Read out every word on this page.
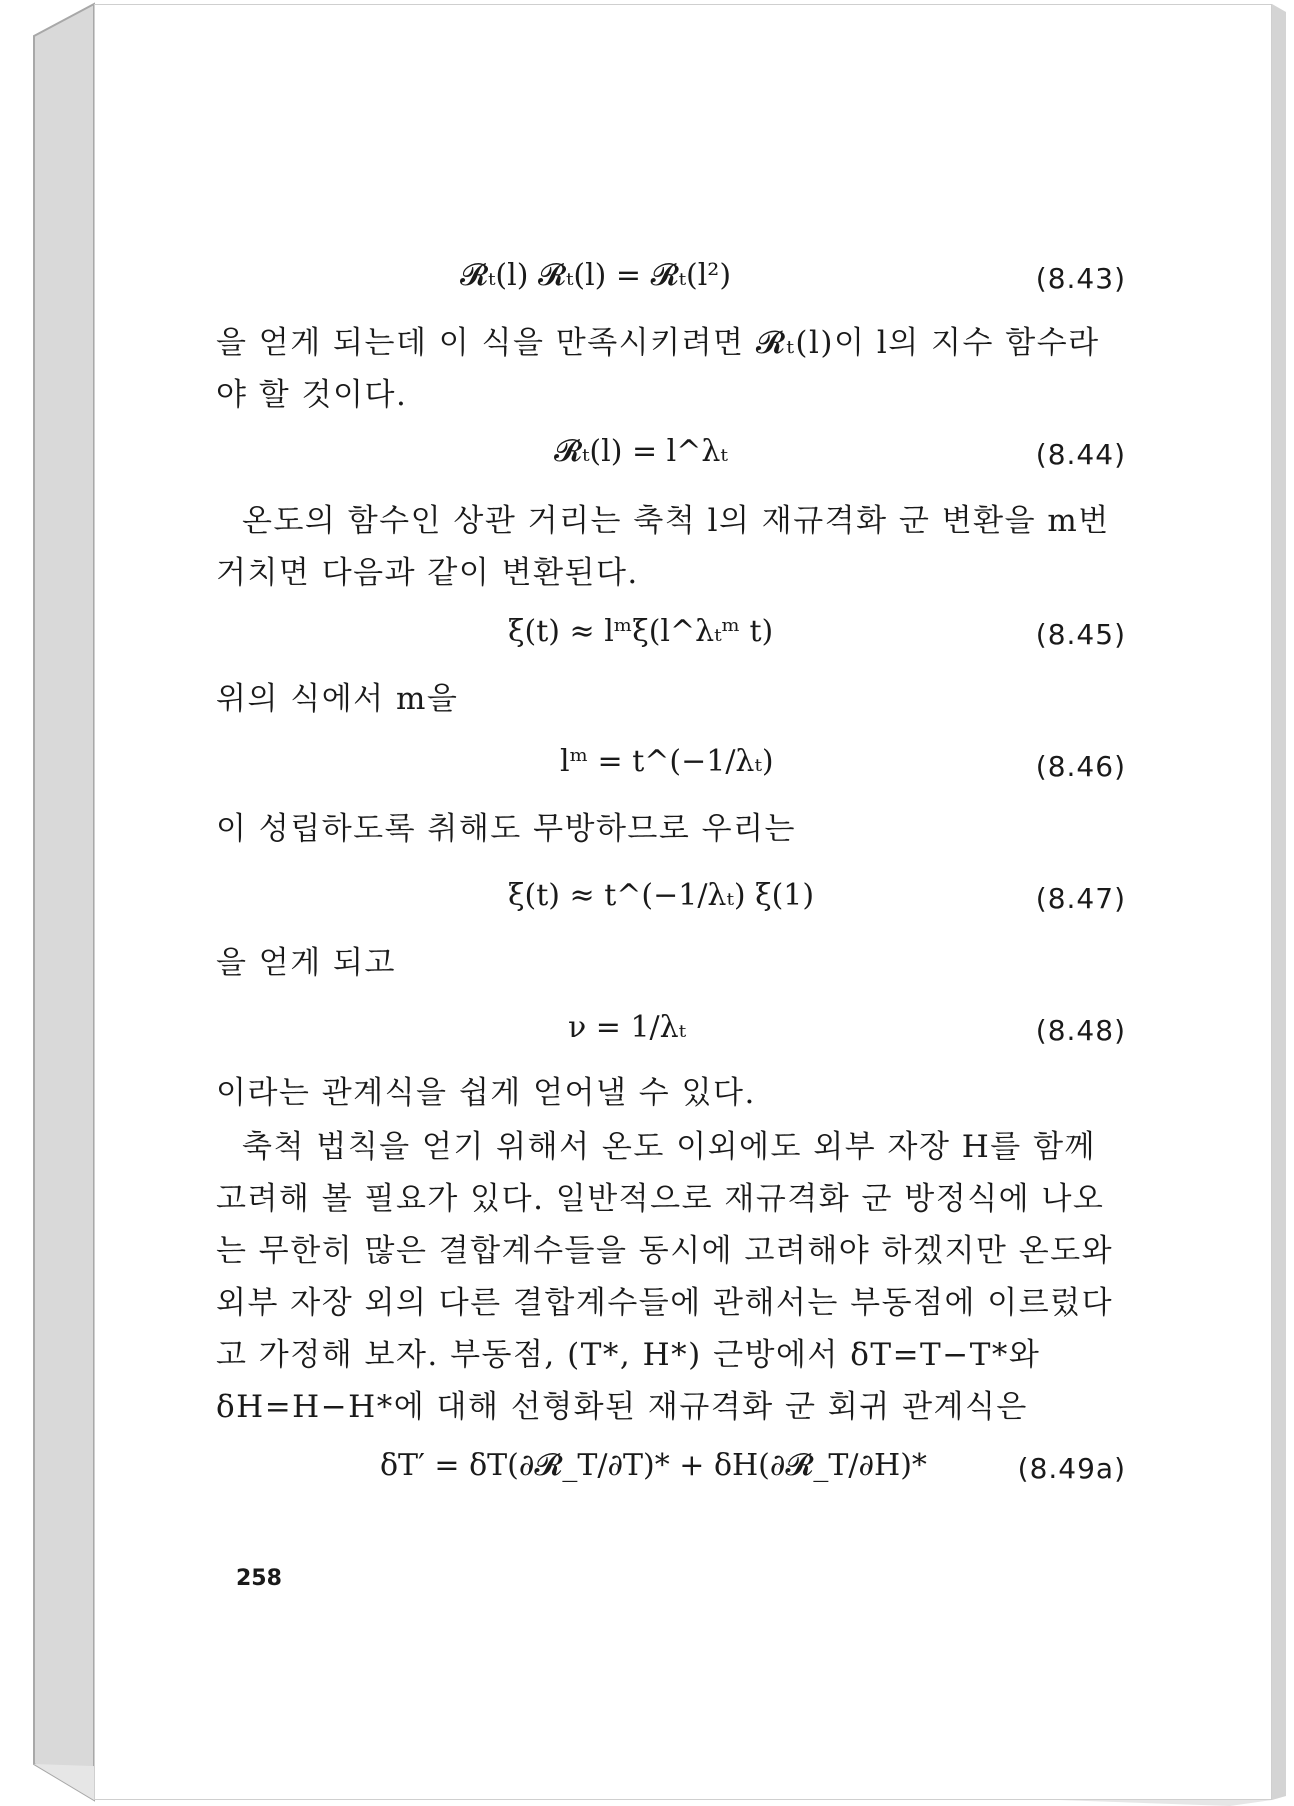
𝓡ₜ(l) 𝓡ₜ(l) = 𝓡ₜ(l²)	(8.43)
을 얻게 되는데 이 식을 만족시키려면 𝓡ₜ(l)이 l의 지수 함수라
야 할 것이다.
𝓡ₜ(l) = l^λₜ	(8.44)
온도의 함수인 상관 거리는 축척 l의 재규격화 군 변환을 m번
거치면 다음과 같이 변환된다.
ξ(t) ≈ lᵐξ(l^λₜᵐ t)	(8.45)
위의 식에서 m을
lᵐ = t^(−1/λₜ)	(8.46)
이 성립하도록 취해도 무방하므로 우리는
ξ(t) ≈ t^(−1/λₜ) ξ(1)	(8.47)
을 얻게 되고
ν = 1/λₜ	(8.48)
이라는 관계식을 쉽게 얻어낼 수 있다.
축척 법칙을 얻기 위해서 온도 이외에도 외부 자장 H를 함께
고려해 볼 필요가 있다. 일반적으로 재규격화 군 방정식에 나오
는 무한히 많은 결합계수들을 동시에 고려해야 하겠지만 온도와
외부 자장 외의 다른 결합계수들에 관해서는 부동점에 이르렀다
고 가정해 보자. 부동점, (T*, H*) 근방에서 δT=T−T*와
δH=H−H*에 대해 선형화된 재규격화 군 회귀 관계식은
δT′ = δT(∂𝓡_T/∂T)* + δH(∂𝓡_T/∂H)*	(8.49a)
258
